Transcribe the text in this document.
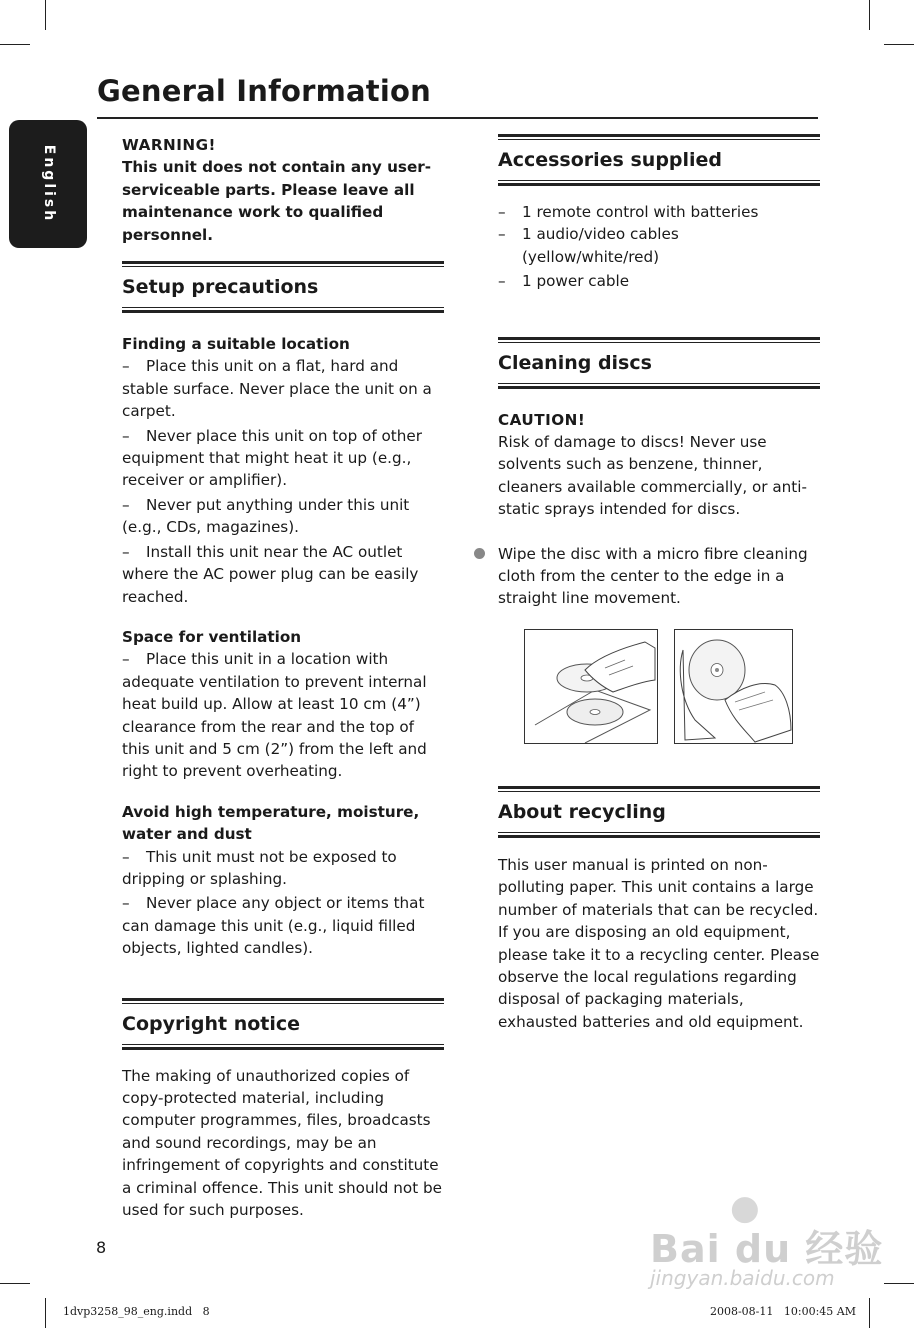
General Information
English	WARNING!

This unit does not contain any user-serviceable parts. Please leave all maintenance work to qualified personnel.

Setup precautions

Finding a suitable location

– Place this unit on a flat, hard and stable surface. Never place the unit on a carpet.

– Never place this unit on top of other equipment that might heat it up (e.g., receiver or amplifier).

– Never put anything under this unit (e.g., CDs, magazines).

– Install this unit near the AC outlet where the AC power plug can be easily reached.

Space for ventilation

– Place this unit in a location with adequate ventilation to prevent internal heat build up. Allow at least 10 cm (4”) clearance from the rear and the top of this unit and 5 cm (2”) from the left and right to prevent overheating.

Avoid high temperature, moisture, water and dust

– This unit must not be exposed to dripping or splashing.

– Never place any object or items that can damage this unit (e.g., liquid filled objects, lighted candles).

Copyright notice

The making of unauthorized copies of copy-protected material, including computer programmes, files, broadcasts and sound recordings, may be an infringement of copyrights and constitute a criminal offence. This unit should not be used for such purposes.

Accessories supplied
– 1 remote control with batteries
– 1 audio/video cables (yellow/white/red)
– 1 power cable
Cleaning discs

CAUTION!

Risk of damage to discs! Never use solvents such as benzene, thinner, cleaners available commercially, or anti-static sprays intended for discs.

Wipe the disc with a micro fibre cleaning cloth from the center to the edge in a straight line movement.

About recycling

This user manual is printed on non-polluting paper. This unit contains a large number of materials that can be recycled. If you are disposing an old equipment, please take it to a recycling center. Please observe the local regulations regarding disposal of packaging materials, exhausted batteries and old equipment.

8
●
Bai du 经验
jingyan.baidu.com
1dvp3258_98_eng.indd   8	2008-08-11   10:00:45 AM
